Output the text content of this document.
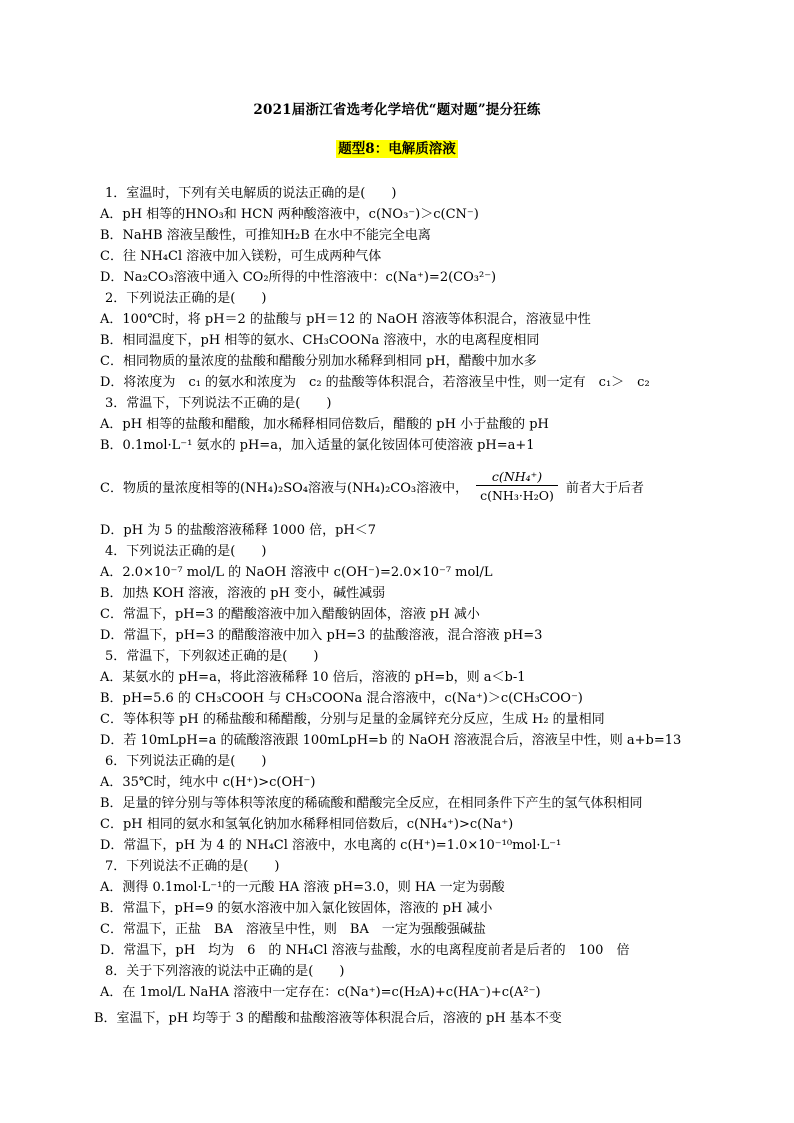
2021届浙江省选考化学培优“题对题”提分狂练
题型8：电解质溶液
1．室温时，下列有关电解质的说法正确的是(　　)
A．pH 相等的HNO₃和 HCN 两种酸溶液中，c(NO₃⁻)＞c(CN⁻)
B．NaHB 溶液呈酸性，可推知H₂B 在水中不能完全电离
C．往 NH₄Cl 溶液中加入镁粉，可生成两种气体
D．Na₂CO₃溶液中通入 CO₂所得的中性溶液中：c(Na⁺)=2(CO₃²⁻)
2．下列说法正确的是(　　)
A．100℃时，将 pH＝2 的盐酸与 pH＝12 的 NaOH 溶液等体积混合，溶液显中性
B．相同温度下，pH 相等的氨水、CH₃COONa 溶液中，水的电离程度相同
C．相同物质的量浓度的盐酸和醋酸分别加水稀释到相同 pH，醋酸中加水多
D．将浓度为　c₁ 的氨水和浓度为　c₂ 的盐酸等体积混合，若溶液呈中性，则一定有　c₁＞　c₂
3．常温下，下列说法不正确的是(　　)
A．pH 相等的盐酸和醋酸，加水稀释相同倍数后，醋酸的 pH 小于盐酸的 pH
B．0.1mol·L⁻¹ 氨水的 pH=a，加入适量的氯化铵固体可使溶液 pH=a+1
D．pH 为 5 的盐酸溶液稀释 1000 倍，pH＜7
4．下列说法正确的是(　　)
A．2.0×10⁻⁷ mol/L 的 NaOH 溶液中 c(OH⁻)=2.0×10⁻⁷ mol/L
B．加热 KOH 溶液，溶液的 pH 变小，碱性减弱
C．常温下，pH=3 的醋酸溶液中加入醋酸钠固体，溶液 pH 减小
D．常温下，pH=3 的醋酸溶液中加入 pH=3 的盐酸溶液，混合溶液 pH=3
5．常温下，下列叙述正确的是(　　)
A．某氨水的 pH=a，将此溶液稀释 10 倍后，溶液的 pH=b，则 a＜b-1
B．pH=5.6 的 CH₃COOH 与 CH₃COONa 混合溶液中，c(Na⁺)＞c(CH₃COO⁻)
C．等体积等 pH 的稀盐酸和稀醋酸，分别与足量的金属锌充分反应，生成 H₂ 的量相同
D．若 10mLpH=a 的硫酸溶液跟 100mLpH=b 的 NaOH 溶液混合后，溶液呈中性，则 a+b=13
6．下列说法正确的是(　　)
A．35℃时，纯水中 c(H⁺)>c(OH⁻)
B．足量的锌分别与等体积等浓度的稀硫酸和醋酸完全反应，在相同条件下产生的氢气体积相同
C．pH 相同的氨水和氢氧化钠加水稀释相同倍数后，c(NH₄⁺)>c(Na⁺)
D．常温下，pH 为 4 的 NH₄Cl 溶液中，水电离的 c(H⁺)=1.0×10⁻¹⁰mol·L⁻¹
7．下列说法不正确的是(　　)
A．测得 0.1mol·L⁻¹的一元酸 HA 溶液 pH=3.0，则 HA 一定为弱酸
B．常温下，pH=9 的氨水溶液中加入氯化铵固体，溶液的 pH 减小
C．常温下，正盐　BA　溶液呈中性，则　BA　一定为强酸强碱盐
D．常温下，pH　均为　6　的 NH₄Cl 溶液与盐酸，水的电离程度前者是后者的　100　倍
8．关于下列溶液的说法中正确的是(　　)
A．在 1mol/L NaHA 溶液中一定存在：c(Na⁺)=c(H₂A)+c(HA⁻)+c(A²⁻)
B．室温下，pH 均等于 3 的醋酸和盐酸溶液等体积混合后，溶液的 pH 基本不变
C．物质的量浓度相等的(NH₄)₂SO₄溶液与(NH₄)₂CO₃溶液中， $\frac{\text{c(NH₄⁺)}}{\text{c(NH₃·H₂O)}}$ 前者大于后者
